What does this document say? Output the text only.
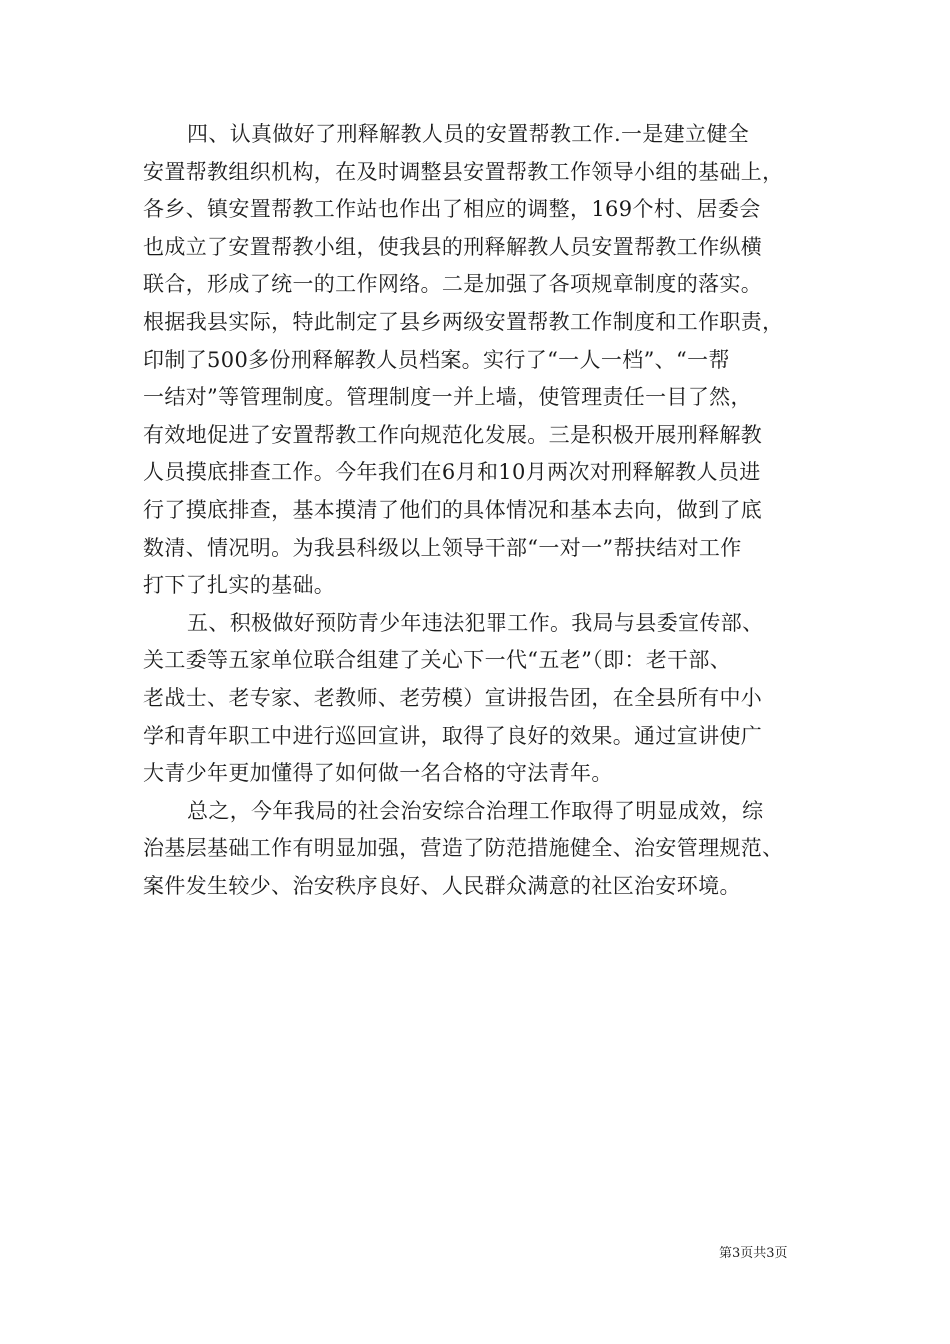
四、认真做好了刑释解教人员的安置帮教工作.一是建立健全
安置帮教组织机构，在及时调整县安置帮教工作领导小组的基础上，
各乡、镇安置帮教工作站也作出了相应的调整，169个村、居委会
也成立了安置帮教小组，使我县的刑释解教人员安置帮教工作纵横
联合，形成了统一的工作网络。二是加强了各项规章制度的落实。
根据我县实际，特此制定了县乡两级安置帮教工作制度和工作职责，
印制了500多份刑释解教人员档案。实行了“一人一档”、“一帮
一结对”等管理制度。管理制度一并上墙，使管理责任一目了然，
有效地促进了安置帮教工作向规范化发展。三是积极开展刑释解教
人员摸底排查工作。今年我们在6月和10月两次对刑释解教人员进
行了摸底排查，基本摸清了他们的具体情况和基本去向，做到了底
数清、情况明。为我县科级以上领导干部“一对一”帮扶结对工作
打下了扎实的基础。
五、积极做好预防青少年违法犯罪工作。我局与县委宣传部、
关工委等五家单位联合组建了关心下一代“五老”（即：老干部、
老战士、老专家、老教师、老劳模）宣讲报告团，在全县所有中小
学和青年职工中进行巡回宣讲，取得了良好的效果。通过宣讲使广
大青少年更加懂得了如何做一名合格的守法青年。
总之，今年我局的社会治安综合治理工作取得了明显成效，综
治基层基础工作有明显加强，营造了防范措施健全、治安管理规范、
案件发生较少、治安秩序良好、人民群众满意的社区治安环境。
第3页共3页
